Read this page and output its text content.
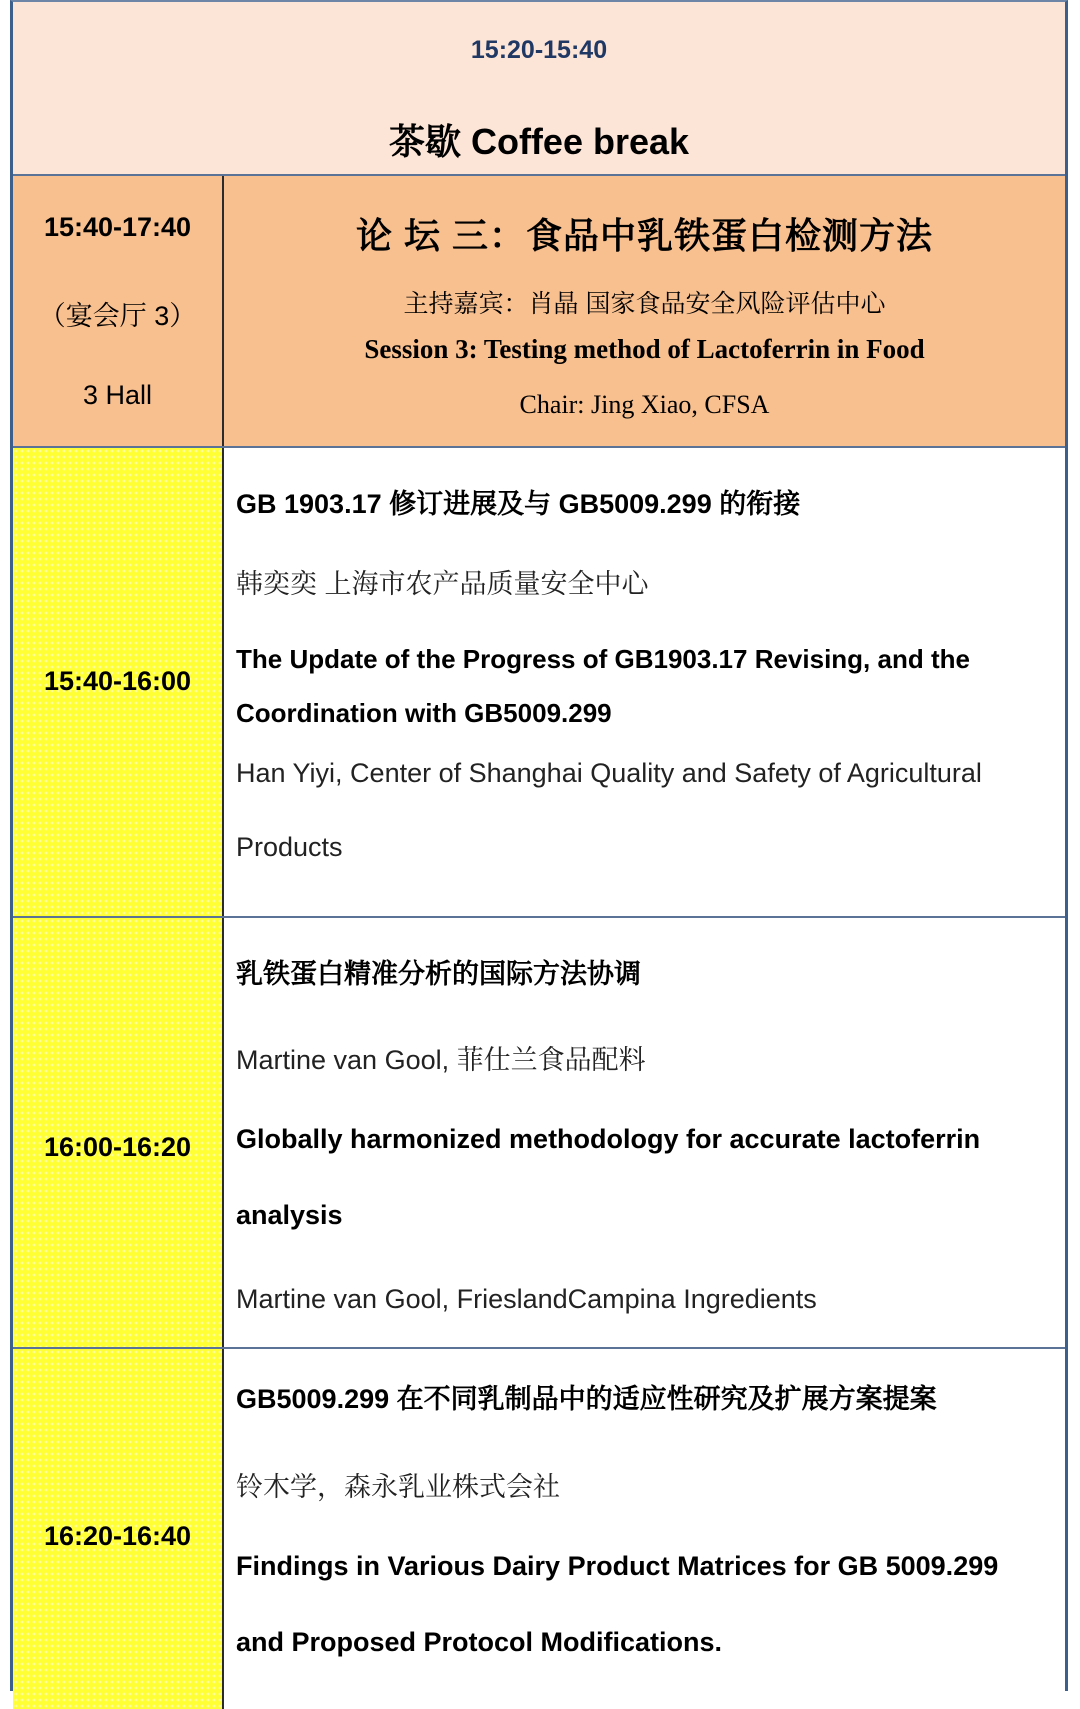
15:20-15:40
茶歇 Coffee break
15:40-17:40
（宴会厅 3）
3 Hall
论 坛 三：食品中乳铁蛋白检测方法
主持嘉宾：肖晶 国家食品安全风险评估中心
Session 3: Testing method of Lactoferrin in Food
Chair: Jing Xiao, CFSA
15:40-16:00
GB 1903.17 修订进展及与 GB5009.299 的衔接
韩奕奕 上海市农产品质量安全中心
The Update of the Progress of GB1903.17 Revising, and the
Coordination with GB5009.299
Han Yiyi, Center of Shanghai Quality and Safety of Agricultural
Products
16:00-16:20
乳铁蛋白精准分析的国际方法协调
Martine van Gool, 菲仕兰食品配料
Globally harmonized methodology for accurate lactoferrin
analysis
Martine van Gool, FrieslandCampina Ingredients
16:20-16:40
GB5009.299 在不同乳制品中的适应性研究及扩展方案提案
铃木学，森永乳业株式会社
Findings in Various Dairy Product Matrices for GB 5009.299
and Proposed Protocol Modifications.
